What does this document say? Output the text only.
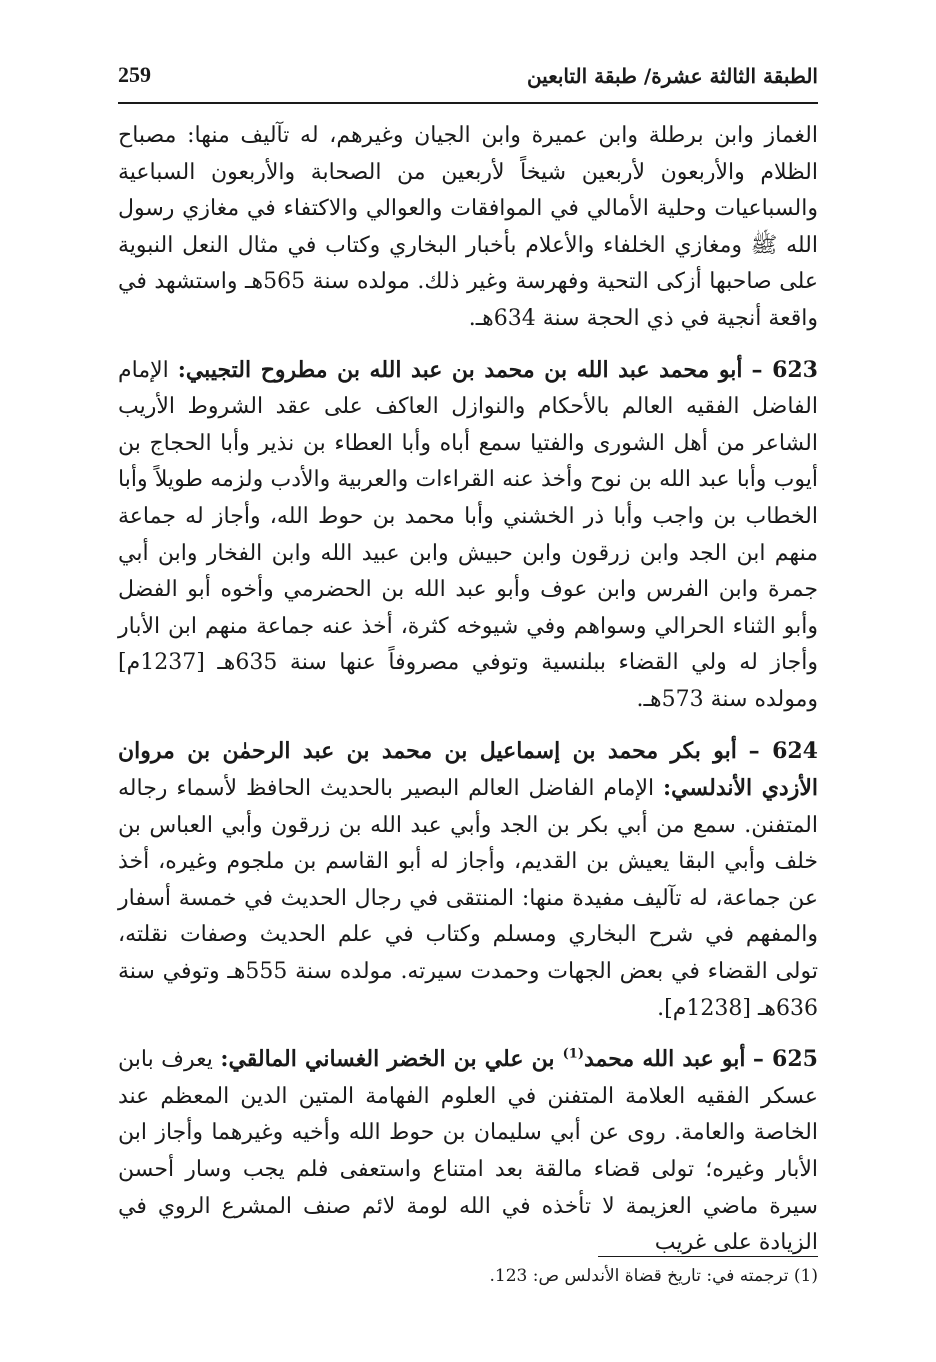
الطبقة الثالثة عشرة/ طبقة التابعين
259

الغماز وابن برطلة وابن عميرة وابن الجيان وغيرهم، له تآليف منها: مصباح الظلام والأربعون لأربعين شيخاً لأربعين من الصحابة والأربعون السباعية والسباعيات وحلية الأمالي في الموافقات والعوالي والاكتفاء في مغازي رسول الله ﷺ ومغازي الخلفاء والأعلام بأخبار البخاري وكتاب في مثال النعل النبوية على صاحبها أزكى التحية وفهرسة وغير ذلك. مولده سنة 565هـ واستشهد في واقعة أنجية في ذي الحجة سنة 634هـ.

623 – أبو محمد عبد الله بن محمد بن عبد الله بن مطروح التجيبي: الإمام الفاضل الفقيه العالم بالأحكام والنوازل العاكف على عقد الشروط الأريب الشاعر من أهل الشورى والفتيا سمع أباه وأبا العطاء بن نذير وأبا الحجاج بن أيوب وأبا عبد الله بن نوح وأخذ عنه القراءات والعربية والأدب ولزمه طويلاً وأبا الخطاب بن واجب وأبا ذر الخشني وأبا محمد بن حوط الله، وأجاز له جماعة منهم ابن الجد وابن زرقون وابن حبيش وابن عبيد الله وابن الفخار وابن أبي جمرة وابن الفرس وابن عوف وأبو عبد الله بن الحضرمي وأخوه أبو الفضل وأبو الثناء الحرالي وسواهم وفي شيوخه كثرة، أخذ عنه جماعة منهم ابن الأبار وأجاز له ولي القضاء ببلنسية وتوفي مصروفاً عنها سنة 635هـ [1237م] ومولده سنة 573هـ.

624 – أبو بكر محمد بن إسماعيل بن محمد بن عبد الرحمٰن بن مروان الأزدي الأندلسي: الإمام الفاضل العالم البصير بالحديث الحافظ لأسماء رجاله المتفنن. سمع من أبي بكر بن الجد وأبي عبد الله بن زرقون وأبي العباس بن خلف وأبي البقا يعيش بن القديم، وأجاز له أبو القاسم بن ملجوم وغيره، أخذ عن جماعة، له تآليف مفيدة منها: المنتقى في رجال الحديث في خمسة أسفار والمفهم في شرح البخاري ومسلم وكتاب في علم الحديث وصفات نقلته، تولى القضاء في بعض الجهات وحمدت سيرته. مولده سنة 555هـ وتوفي سنة 636هـ [1238م].

625 – أبو عبد الله محمد$^{(1)}$ بن علي بن الخضر الغساني المالقي: يعرف بابن عسكر الفقيه العلامة المتفنن في العلوم الفهامة المتين الدين المعظم عند الخاصة والعامة. روى عن أبي سليمان بن حوط الله وأخيه وغيرهما وأجاز ابن الأبار وغيره؛ تولى قضاء مالقة بعد امتناع واستعفى فلم يجب وسار أحسن سيرة ماضي العزيمة لا تأخذه في الله لومة لائم صنف المشرع الروي في الزيادة على غريب

(1) ترجمته في: تاريخ قضاة الأندلس ص: 123.
